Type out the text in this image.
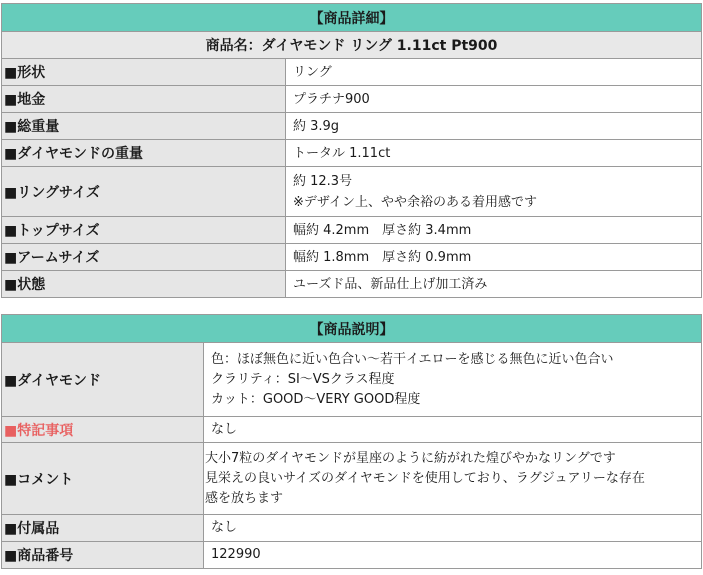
【商品詳細】	
商品名：ダイヤモンド リング 1.11ct Pt900	
■形状	リング
■地金	プラチナ900
■総重量	約 3.9g
■ダイヤモンドの重量	トータル 1.11ct
■リングサイズ	約 12.3号
※デザイン上、やや余裕のある着用感です

■トップサイズ	幅約 4.2mm　厚さ約 3.4mm
■アームサイズ	幅約 1.8mm　厚さ約 0.9mm
■状態	ユーズド品、新品仕上げ加工済み
【商品説明】	
■ダイヤモンド	色：ほぼ無色に近い色合い～若干イエローを感じる無色に近い色合い
クラリティ：SI～VSクラス程度
カット：GOOD～VERY GOOD程度

■特記事項	なし
■コメント	大小7粒のダイヤモンドが星座のように紡がれた煌びやかなリングです
見栄えの良いサイズのダイヤモンドを使用しており、ラグジュアリーな存在
感を放ちます

■付属品	なし
■商品番号	122990
